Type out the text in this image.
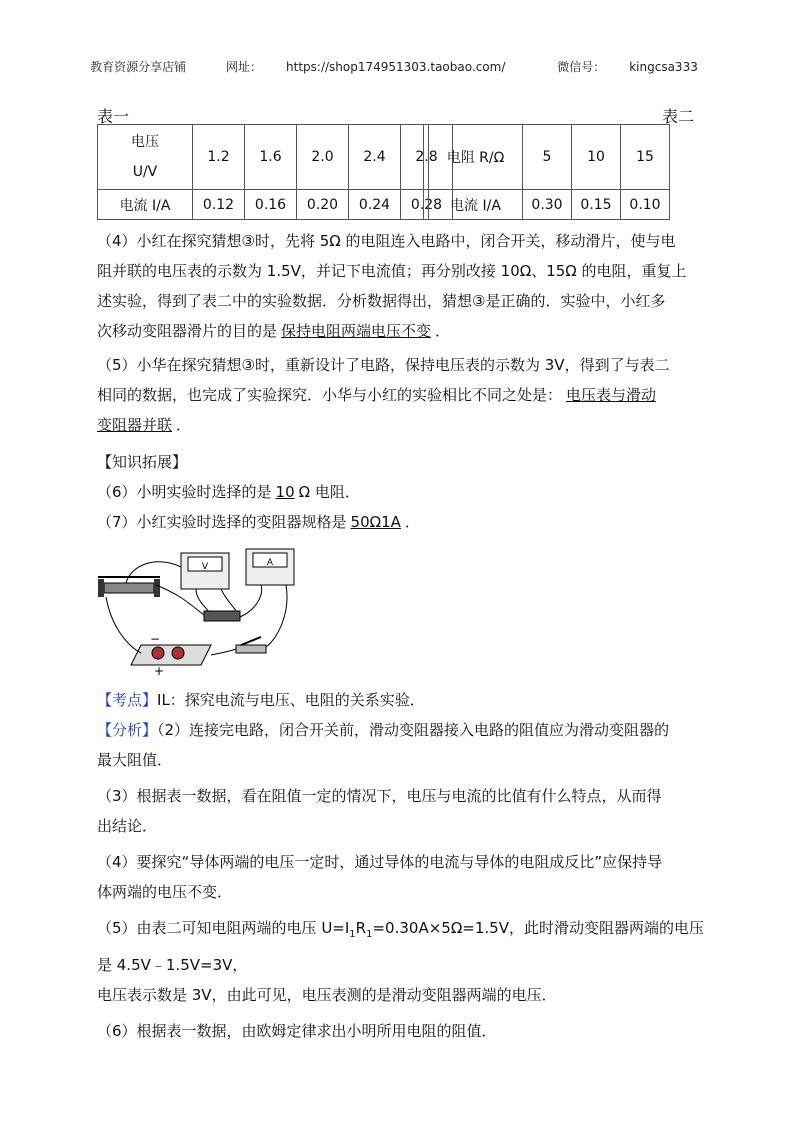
教育资源分享店铺	网址： https://shop174951303.taobao.com/	微信号： kingcsa333
表一	表二
电压
U/V	1.2	1.6	2.0	2.4	2.8
电流 I/A	0.12	0.16	0.20	0.24	0.28
电阻 R/Ω	5	10	15
电流 I/A	0.30	0.15	0.10
（4）小红在探究猜想③时，先将 5Ω 的电阻连入电路中，闭合开关，移动滑片，使与电
阻并联的电压表的示数为 1.5V，并记下电流值；再分别改接 10Ω、15Ω 的电阻，重复上
述实验，得到了表二中的实验数据．分析数据得出，猜想③是正确的．实验中，小红多
次移动变阻器滑片的目的是 保持电阻两端电压不变 ．
（5）小华在探究猜想③时，重新设计了电路，保持电压表的示数为 3V，得到了与表二
相同的数据，也完成了实验探究．小华与小红的实验相比不同之处是： 电压表与滑动
变阻器并联 ．
【知识拓展】
（6）小明实验时选择的是 10 Ω 电阻．
（7）小红实验时选择的变阻器规格是 50Ω1A ．
V	A
−
+
【考点】IL：探究电流与电压、电阻的关系实验．
【分析】（2）连接完电路，闭合开关前，滑动变阻器接入电路的阻值应为滑动变阻器的
最大阻值．
（3）根据表一数据，看在阻值一定的情况下，电压与电流的比值有什么特点，从而得
出结论．
（4）要探究“导体两端的电压一定时，通过导体的电流与导体的电阻成反比”应保持导
体两端的电压不变．
（5）由表二可知电阻两端的电压 $U=I_1R_1=0.30A\times 5\Omega=1.5V$，此时滑动变阻器两端的电压
是 4.5V﹣1.5V=3V，
电压表示数是 3V，由此可见，电压表测的是滑动变阻器两端的电压．
（6）根据表一数据，由欧姆定律求出小明所用电阻的阻值．
